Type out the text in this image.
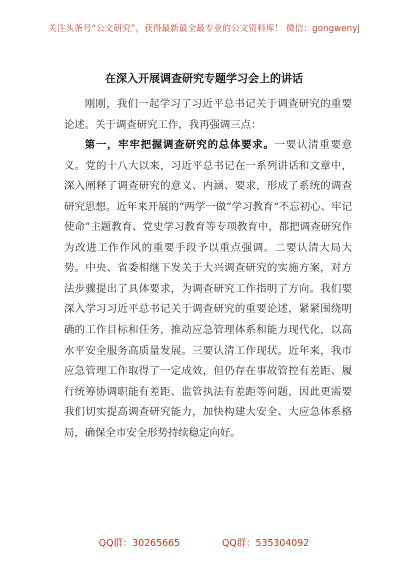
关注头条号“公文研究”，获得最新最全最专业的公文资料库！ 微信：gongwenyj
在深入开展调查研究专题学习会上的讲话

刚刚，我们一起学习了习近平总书记关于调查研究的重要论述。关于调查研究工作，我再强调三点：

第一，牢牢把握调查研究的总体要求。一要认清重要意义。党的十八大以来，习近平总书记在一系列讲话和文章中，深入阐释了调查研究的意义、内涵、要求，形成了系统的调查研究思想。近年来开展的“两学一做”学习教育“不忘初心、牢记使命”主题教育、党史学习教育等专项教育中，都把调查研究作为改进工作作风的重要手段予以重点强调。二要认清大局大势。中央、省委相继下发关于大兴调查研究的实施方案，对方法步骤提出了具体要求，为调查研究工作指明了方向。我们要深入学习习近平总书记关于调查研究的重要论述，紧紧围绕明确的工作目标和任务，推动应急管理体系和能力现代化，以高水平安全服务高质量发展。三要认清工作现状。近年来，我市应急管理工作取得了一定成效，但仍存在事故管控有差距、履行统筹协调职能有差距、监管执法有差距等问题，因此更需要我们切实提高调查研究能力，加快构建大安全、大应急体系格局，确保全市安全形势持续稳定向好。

QQ群：30265665	QQ群：535304092
